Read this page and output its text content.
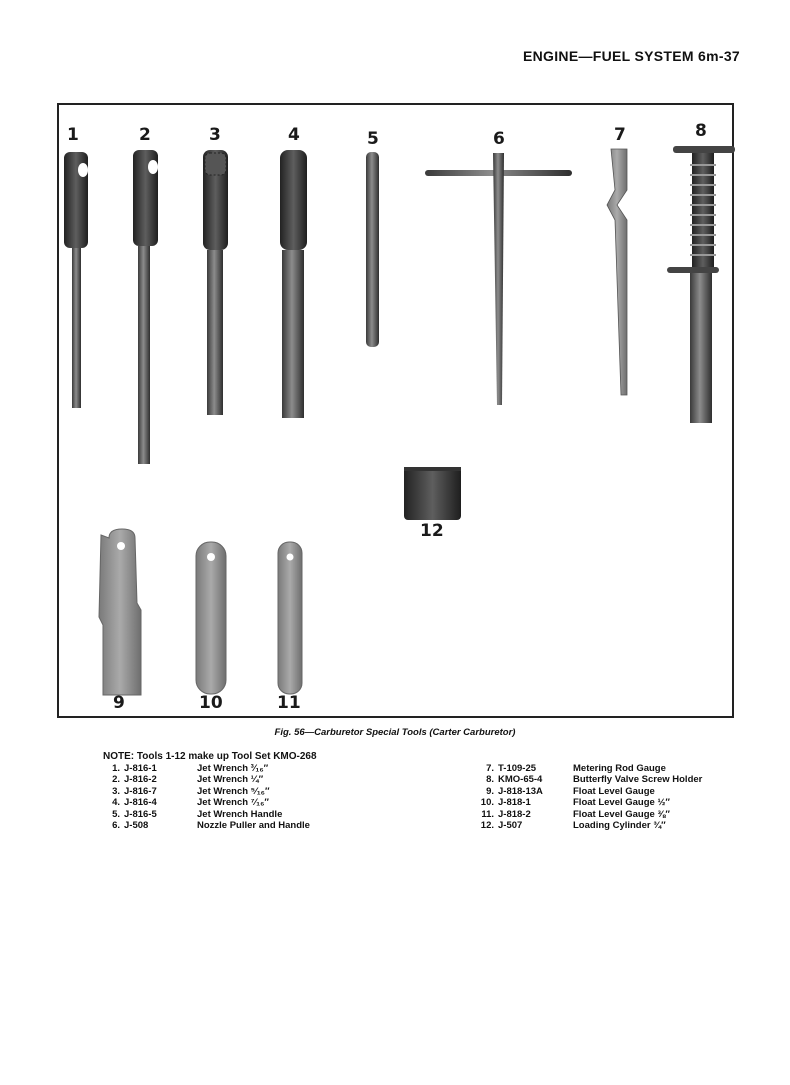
ENGINE—FUEL SYSTEM 6m-37
1	2	3	4	5	6	7	8
9	10	11
12
Fig. 56—Carburetor Special Tools (Carter Carburetor)
NOTE: Tools 1-12 make up Tool Set KMO-268
1. J-816-1	Jet Wrench ³⁄₁₆″
2. J-816-2	Jet Wrench ¼″
3. J-816-7	Jet Wrench ⁵⁄₁₆″
4. J-816-4	Jet Wrench ⁷⁄₁₆″
5. J-816-5	Jet Wrench Handle
6. J-508	Nozzle Puller and Handle
7. T-109-25	Metering Rod Gauge
8. KMO-65-4	Butterfly Valve Screw Holder
9. J-818-13A	Float Level Gauge
10. J-818-1	Float Level Gauge ½″
11. J-818-2	Float Level Gauge ⅜″
12. J-507	Loading Cylinder ¾″
